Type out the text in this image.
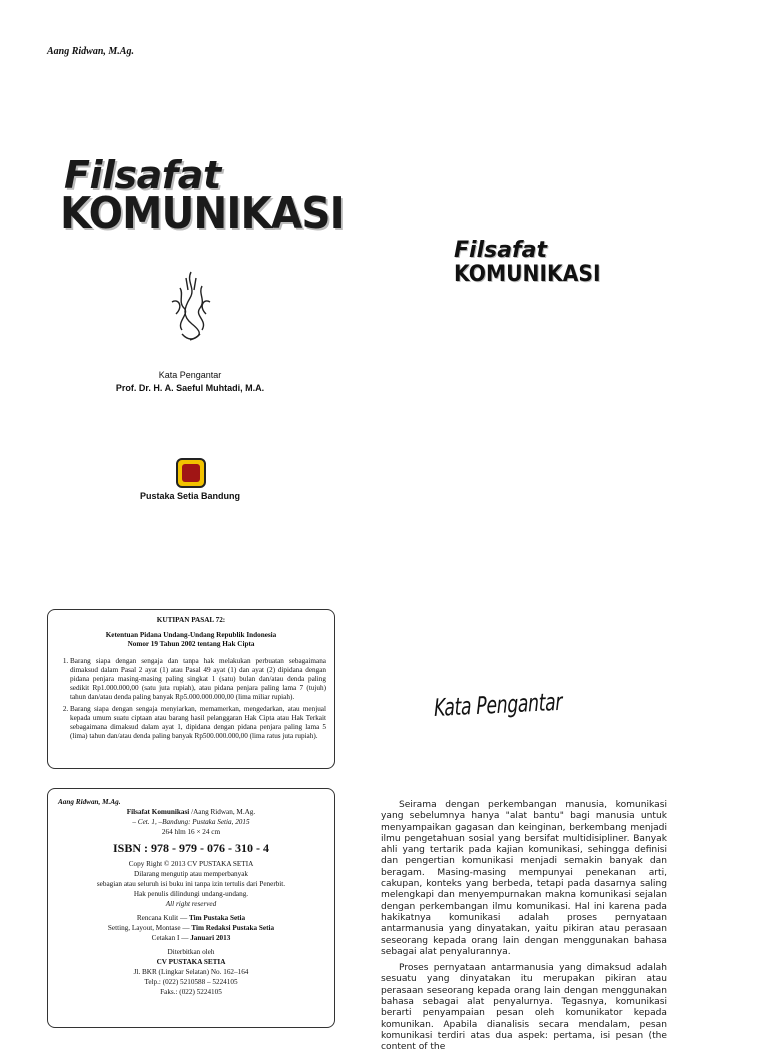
Aang Ridwan, M.Ag.
Filsafat
KOMUNIKASI
Kata Pengantar
Prof. Dr. H. A. Saeful Muhtadi, M.A.
Pustaka Setia Bandung
Filsafat
KOMUNIKASI
KUTIPAN PASAL 72:
Ketentuan Pidana Undang-Undang Republik Indonesia
Nomor 19 Tahun 2002 tentang Hak Cipta
1. Barang siapa dengan sengaja dan tanpa hak melakukan perbuatan sebagaimana dimaksud dalam Pasal 2 ayat (1) atau Pasal 49 ayat (1) dan ayat (2) dipidana dengan pidana penjara masing-masing paling singkat 1 (satu) bulan dan/atau denda paling sedikit Rp1.000.000,00 (satu juta rupiah), atau pidana penjara paling lama 7 (tujuh) tahun dan/atau denda paling banyak Rp5.000.000.000,00 (lima miliar rupiah).
2. Barang siapa dengan sengaja menyiarkan, memamerkan, mengedarkan, atau menjual kepada umum suatu ciptaan atau barang hasil pelanggaran Hak Cipta atau Hak Terkait sebagaimana dimaksud dalam ayat 1, dipidana dengan pidana penjara paling lama 5 (lima) tahun dan/atau denda paling banyak Rp500.000.000,00 (lima ratus juta rupiah).
Aang Ridwan, M.Ag.
Filsafat Komunikasi /Aang Ridwan, M.Ag.
– Cet. 1, –Bandung: Pustaka Setia, 2015
264 hlm 16 × 24 cm
ISBN : 978 - 979 - 076 - 310 - 4
Copy Right © 2013 CV PUSTAKA SETIA
Dilarang mengutip atau memperbanyak
sebagian atau seluruh isi buku ini tanpa izin tertulis dari Penerbit.
Hak penulis dilindungi undang-undang.
All right reserved
Rencana Kulit — Tim Pustaka Setia
Setting, Layout, Montase — Tim Redaksi Pustaka Setia
Cetakan I — Januari 2013
Diterbitkan oleh
CV PUSTAKA SETIA
Jl. BKR (Lingkar Selatan) No. 162–164
Telp.: (022) 5210588 – 5224105
Faks.: (022) 5224105
Kata Pengantar

Seirama dengan perkembangan manusia, komunikasi yang sebelumnya hanya "alat bantu" bagi manusia untuk menyampaikan gagasan dan keinginan, berkembang menjadi ilmu pengetahuan sosial yang bersifat multidisipliner. Banyak ahli yang tertarik pada kajian komunikasi, sehingga definisi dan pengertian komunikasi menjadi semakin banyak dan beragam. Masing-masing mempunyai penekanan arti, cakupan, konteks yang berbeda, tetapi pada dasarnya saling melengkapi dan menyempurnakan makna komunikasi sejalan dengan perkembangan ilmu komunikasi. Hal ini karena pada hakikatnya komunikasi adalah proses pernyataan antarmanusia yang dinyatakan, yaitu pikiran atau perasaan seseorang kepada orang lain dengan menggunakan bahasa sebagai alat penyalurannya.

Proses pernyataan antarmanusia yang dimaksud adalah sesuatu yang dinyatakan itu merupakan pikiran atau perasaan seseorang kepada orang lain dengan menggunakan bahasa sebagai alat penyalurnya. Tegasnya, komunikasi berarti penyampaian pesan oleh komunikator kepada komunikan. Apabila dianalisis secara mendalam, pesan komunikasi terdiri atas dua aspek: pertama, isi pesan (the content of the
